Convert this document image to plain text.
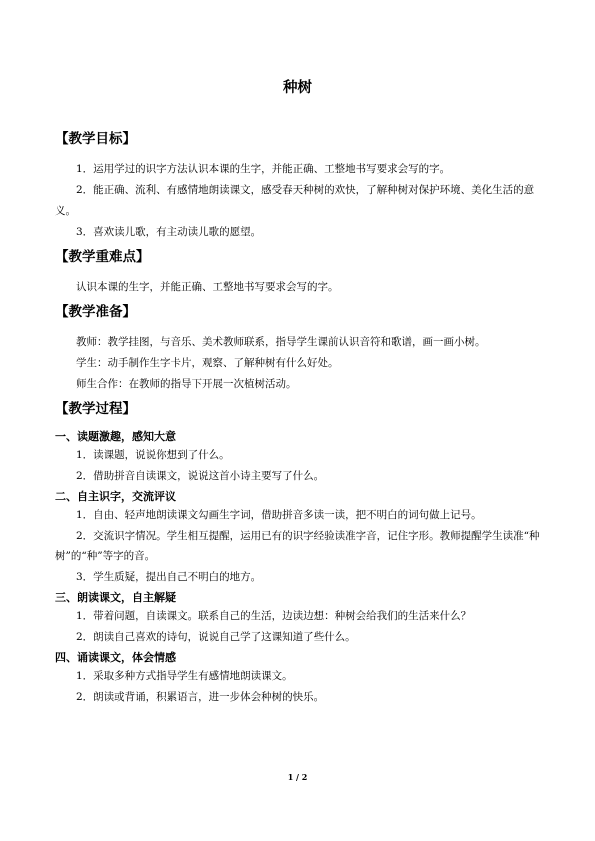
种树
【教学目标】

1．运用学过的识字方法认识本课的生字，并能正确、工整地书写要求会写的字。

2．能正确、流利、有感情地朗读课文，感受春天种树的欢快，了解种树对保护环境、美化生活的意义。

3．喜欢读儿歌，有主动读儿歌的愿望。

【教学重难点】

认识本课的生字，并能正确、工整地书写要求会写的字。

【教学准备】

教师：教学挂图，与音乐、美术教师联系，指导学生课前认识音符和歌谱，画一画小树。

学生：动手制作生字卡片，观察、了解种树有什么好处。

师生合作：在教师的指导下开展一次植树活动。

【教学过程】
一、读题激趣，感知大意

1．读课题，说说你想到了什么。

2．借助拼音自读课文，说说这首小诗主要写了什么。

二、自主识字，交流评议

1．自由、轻声地朗读课文勾画生字词，借助拼音多读一读，把不明白的词句做上记号。

2．交流识字情况。学生相互提醒，运用已有的识字经验读准字音，记住字形。教师提醒学生读准“种树”的“种”等字的音。

3．学生质疑，提出自己不明白的地方。

三、朗读课文，自主解疑

1．带着问题，自读课文。联系自己的生活，边读边想：种树会给我们的生活来什么？

2．朗读自己喜欢的诗句，说说自己学了这课知道了些什么。

四、诵读课文，体会情感

1．采取多种方式指导学生有感情地朗读课文。

2．朗读或背诵，积累语言，进一步体会种树的快乐。

1 / 2
